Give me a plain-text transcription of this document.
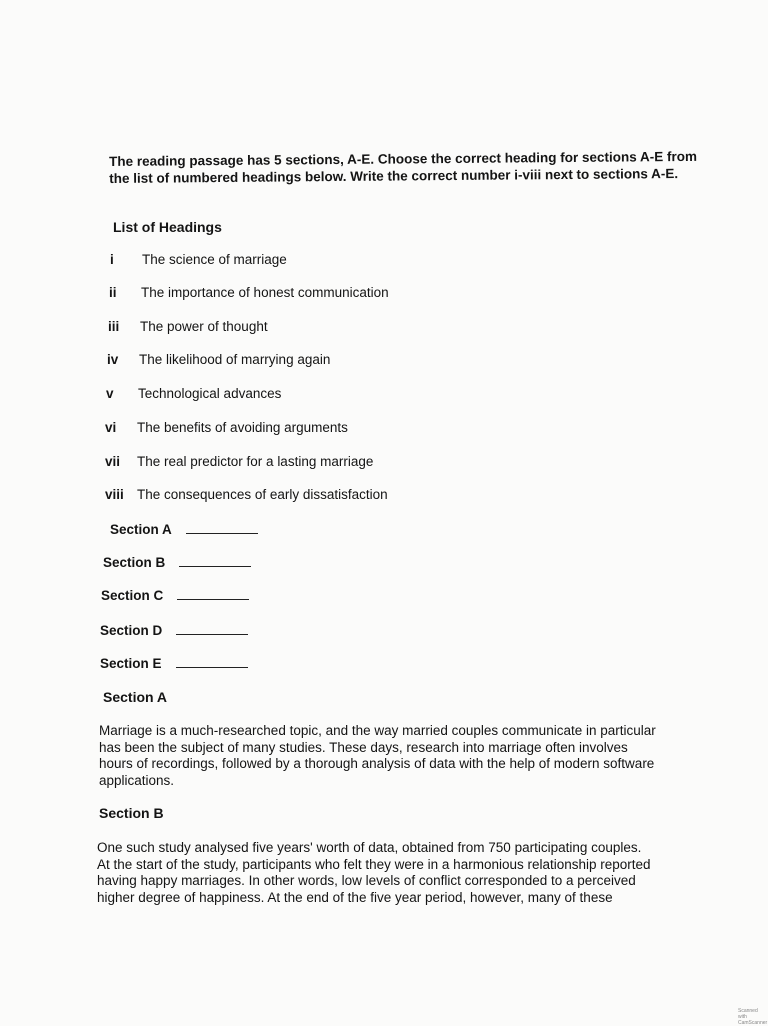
The reading passage has 5 sections, A-E. Choose the correct heading for sections A-E from the list of numbered headings below. Write the correct number i-viii next to sections A-E.
List of Headings
i The science of marriage
ii The importance of honest communication
iii The power of thought
iv The likelihood of marrying again
v Technological advances
vi The benefits of avoiding arguments
vii The real predictor for a lasting marriage
viii The consequences of early dissatisfaction
Section A
Section B
Section C
Section D
Section E
Section A
Marriage is a much-researched topic, and the way married couples communicate in particular
has been the subject of many studies. These days, research into marriage often involves
hours of recordings, followed by a thorough analysis of data with the help of modern software
applications.
Section B
One such study analysed five years' worth of data, obtained from 750 participating couples.
At the start of the study, participants who felt they were in a harmonious relationship reported
having happy marriages. In other words, low levels of conflict corresponded to a perceived
higher degree of happiness. At the end of the five year period, however, many of these
Scanned with CamScanner
